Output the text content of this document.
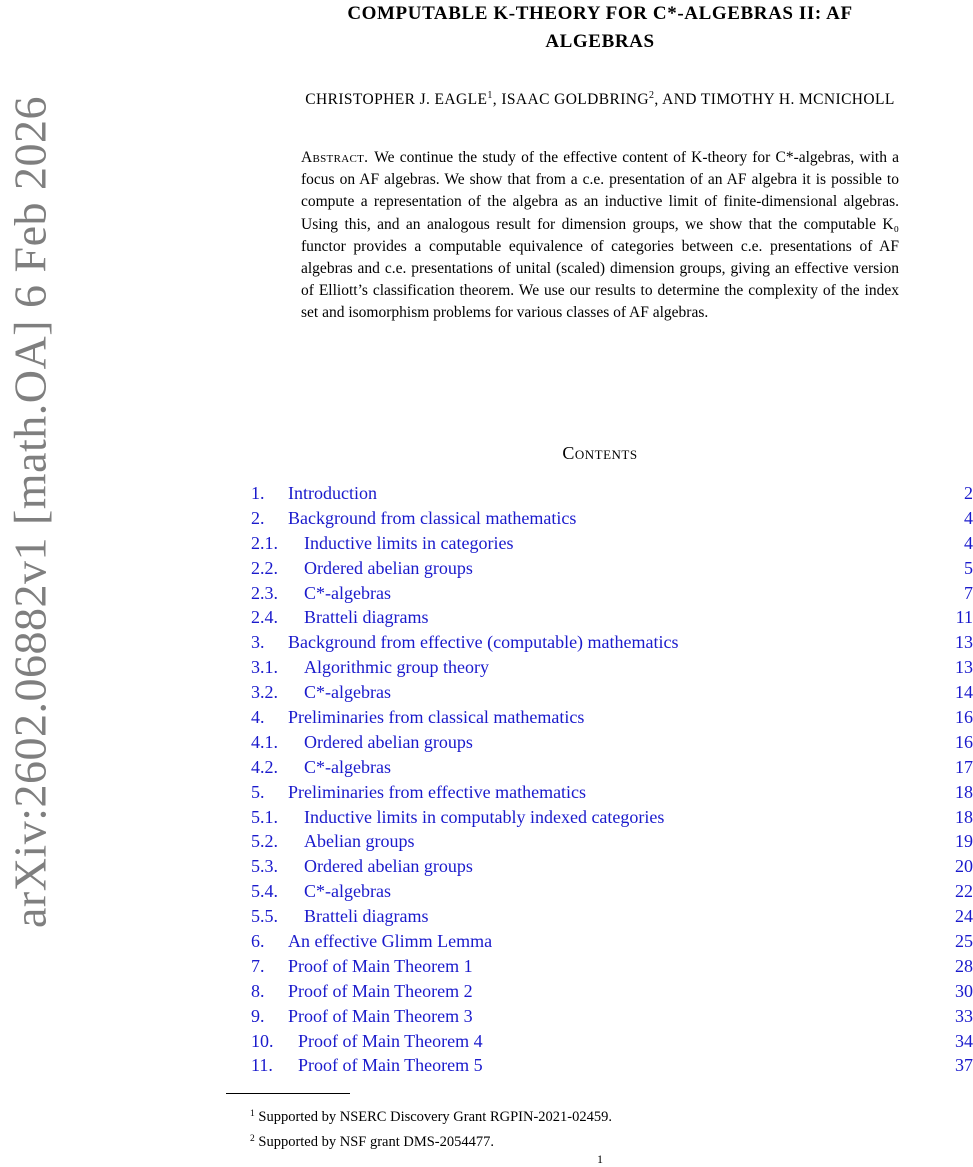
arXiv:2602.06882v1 [math.OA] 6 Feb 2026
COMPUTABLE K-THEORY FOR C*-ALGEBRAS II: AF
ALGEBRAS
CHRISTOPHER J. EAGLE$^1$, ISAAC GOLDBRING$^2$, AND TIMOTHY H. MCNICHOLL
Abstract. We continue the study of the effective content of K-theory for C*-algebras, with a focus on AF algebras. We show that from a c.e. presentation of an AF algebra it is possible to compute a representation of the algebra as an inductive limit of finite-dimensional algebras. Using this, and an analogous result for dimension groups, we show that the computable K₀ functor provides a computable equivalence of categories between c.e. presentations of AF algebras and c.e. presentations of unital (scaled) dimension groups, giving an effective version of Elliott’s classification theorem. We use our results to determine the complexity of the index set and isomorphism problems for various classes of AF algebras.
Contents
1. Introduction	2
2. Background from classical mathematics	4
2.1. Inductive limits in categories	4
2.2. Ordered abelian groups	5
2.3. C*-algebras	7
2.4. Bratteli diagrams	11
3. Background from effective (computable) mathematics	13
3.1. Algorithmic group theory	13
3.2. C*-algebras	14
4. Preliminaries from classical mathematics	16
4.1. Ordered abelian groups	16
4.2. C*-algebras	17
5. Preliminaries from effective mathematics	18
5.1. Inductive limits in computably indexed categories	18
5.2. Abelian groups	19
5.3. Ordered abelian groups	20
5.4. C*-algebras	22
5.5. Bratteli diagrams	24
6. An effective Glimm Lemma	25
7. Proof of Main Theorem 1	28
8. Proof of Main Theorem 2	30
9. Proof of Main Theorem 3	33
10. Proof of Main Theorem 4	34
11. Proof of Main Theorem 5	37
$^1$ Supported by NSERC Discovery Grant RGPIN-2021-02459.
$^2$ Supported by NSF grant DMS-2054477.
1
